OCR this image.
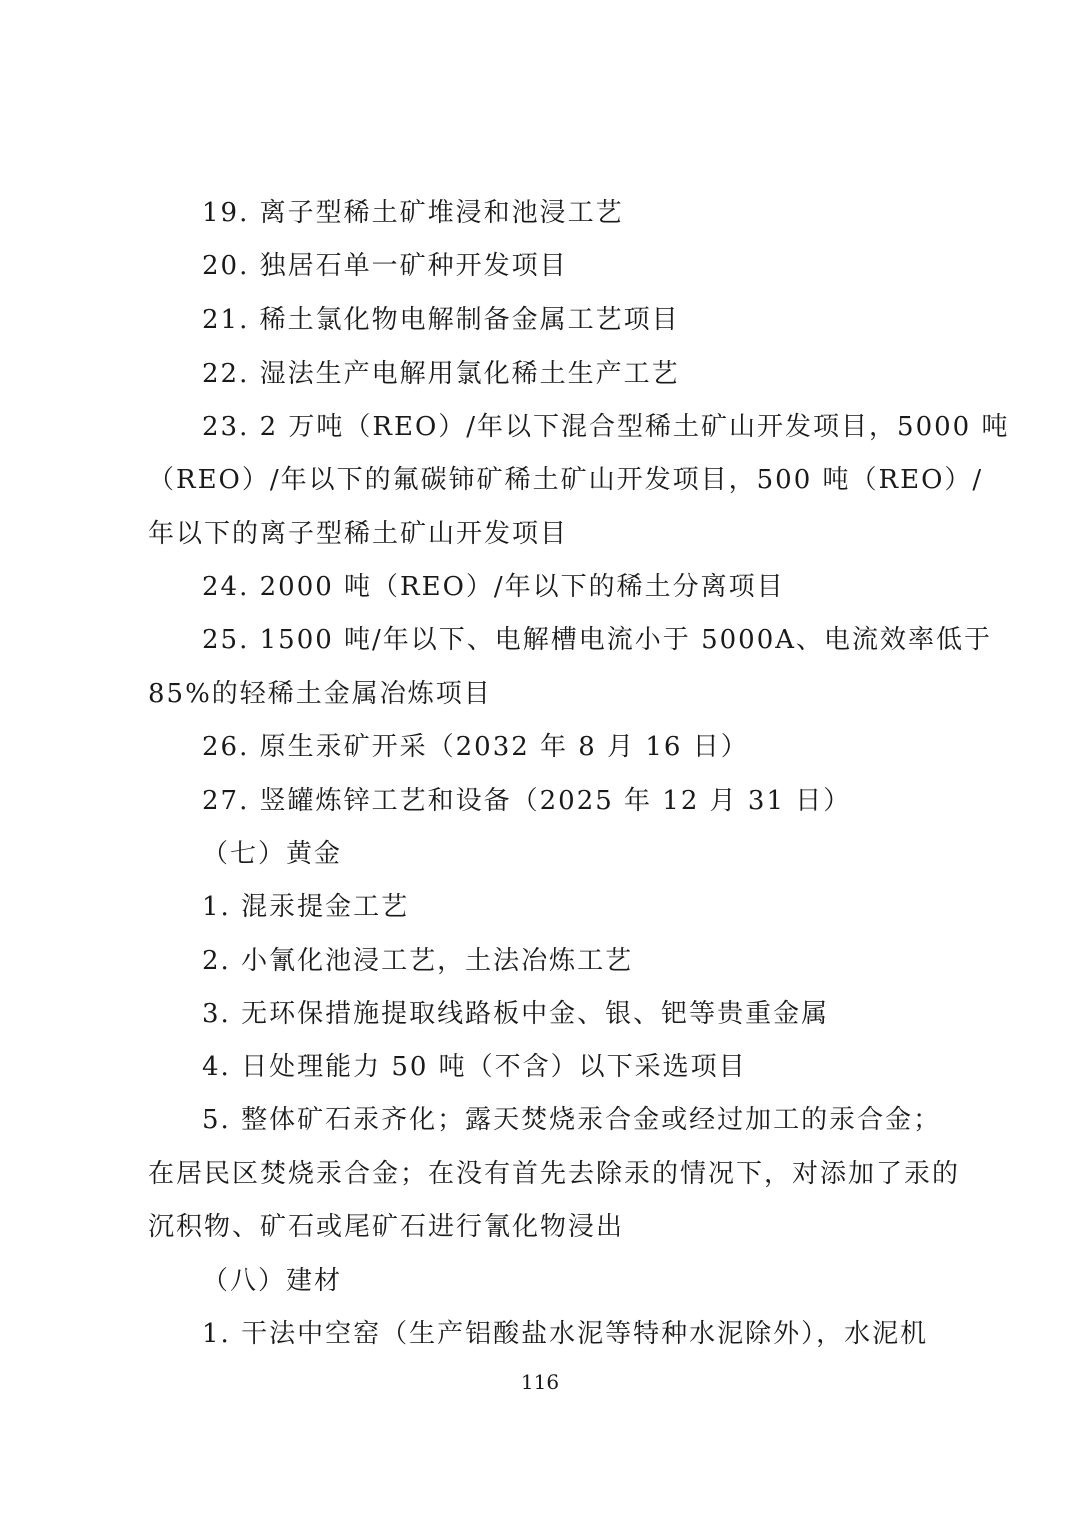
19. 离子型稀土矿堆浸和池浸工艺
20. 独居石单一矿种开发项目
21. 稀土氯化物电解制备金属工艺项目
22. 湿法生产电解用氯化稀土生产工艺
23. 2 万吨（REO）/年以下混合型稀土矿山开发项目，5000 吨
（REO）/年以下的氟碳铈矿稀土矿山开发项目，500 吨（REO）/
年以下的离子型稀土矿山开发项目
24. 2000 吨（REO）/年以下的稀土分离项目
25. 1500 吨/年以下、电解槽电流小于 5000A、电流效率低于
85%的轻稀土金属冶炼项目
26. 原生汞矿开采（2032 年 8 月 16 日）
27. 竖罐炼锌工艺和设备（2025 年 12 月 31 日）
（七）黄金
1. 混汞提金工艺
2. 小氰化池浸工艺，土法冶炼工艺
3. 无环保措施提取线路板中金、银、钯等贵重金属
4. 日处理能力 50 吨（不含）以下采选项目
5. 整体矿石汞齐化；露天焚烧汞合金或经过加工的汞合金；
在居民区焚烧汞合金；在没有首先去除汞的情况下，对添加了汞的
沉积物、矿石或尾矿石进行氰化物浸出
（八）建材
1. 干法中空窑（生产铝酸盐水泥等特种水泥除外），水泥机
116
